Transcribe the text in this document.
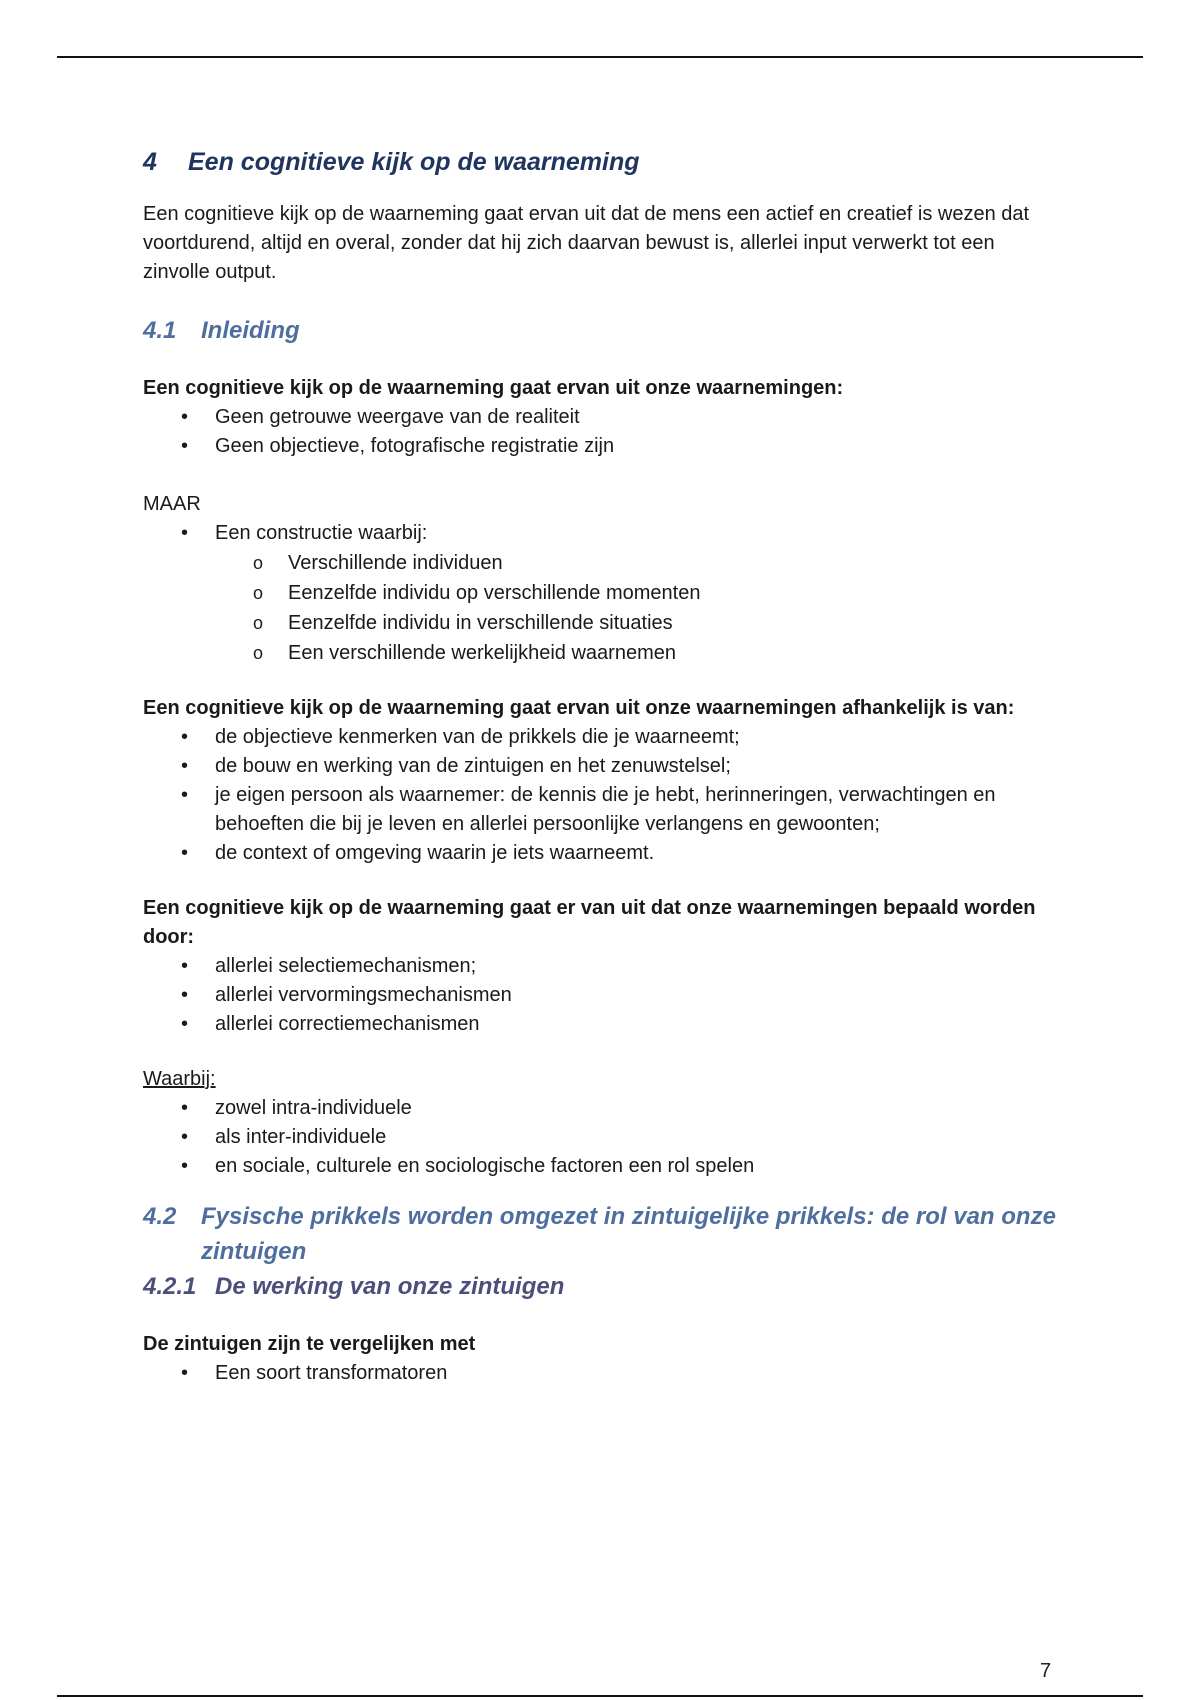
4 Een cognitieve kijk op de waarneming

Een cognitieve kijk op de waarneming gaat ervan uit dat de mens een actief en creatief is wezen dat voortdurend, altijd en overal, zonder dat hij zich daarvan bewust is, allerlei input verwerkt tot een zinvolle output.

4.1	Inleiding

Een cognitieve kijk op de waarneming gaat ervan uit onze waarnemingen:

• Geen getrouwe weergave van de realiteit
• Geen objectieve, fotografische registratie zijn

MAAR

• Een constructie waarbij:
o Verschillende individuen
o Eenzelfde individu op verschillende momenten
o Eenzelfde individu in verschillende situaties
o Een verschillende werkelijkheid waarnemen

Een cognitieve kijk op de waarneming gaat ervan uit onze waarnemingen afhankelijk is van:

• de objectieve kenmerken van de prikkels die je waarneemt;
• de bouw en werking van de zintuigen en het zenuwstelsel;
• je eigen persoon als waarnemer: de kennis die je hebt, herinneringen, verwachtingen en behoeften die bij je leven en allerlei persoonlijke verlangens en gewoonten;
• de context of omgeving waarin je iets waarneemt.

Een cognitieve kijk op de waarneming gaat er van uit dat onze waarnemingen bepaald worden door:

• allerlei selectiemechanismen;
• allerlei vervormingsmechanismen
• allerlei correctiemechanismen

Waarbij:

• zowel intra-individuele
• als inter-individuele
• en sociale, culturele en sociologische factoren een rol spelen
4.2	Fysische prikkels worden omgezet in zintuigelijke prikkels: de rol van onze
zintuigen
4.2.1 De werking van onze zintuigen

De zintuigen zijn te vergelijken met

• Een soort transformatoren
7
